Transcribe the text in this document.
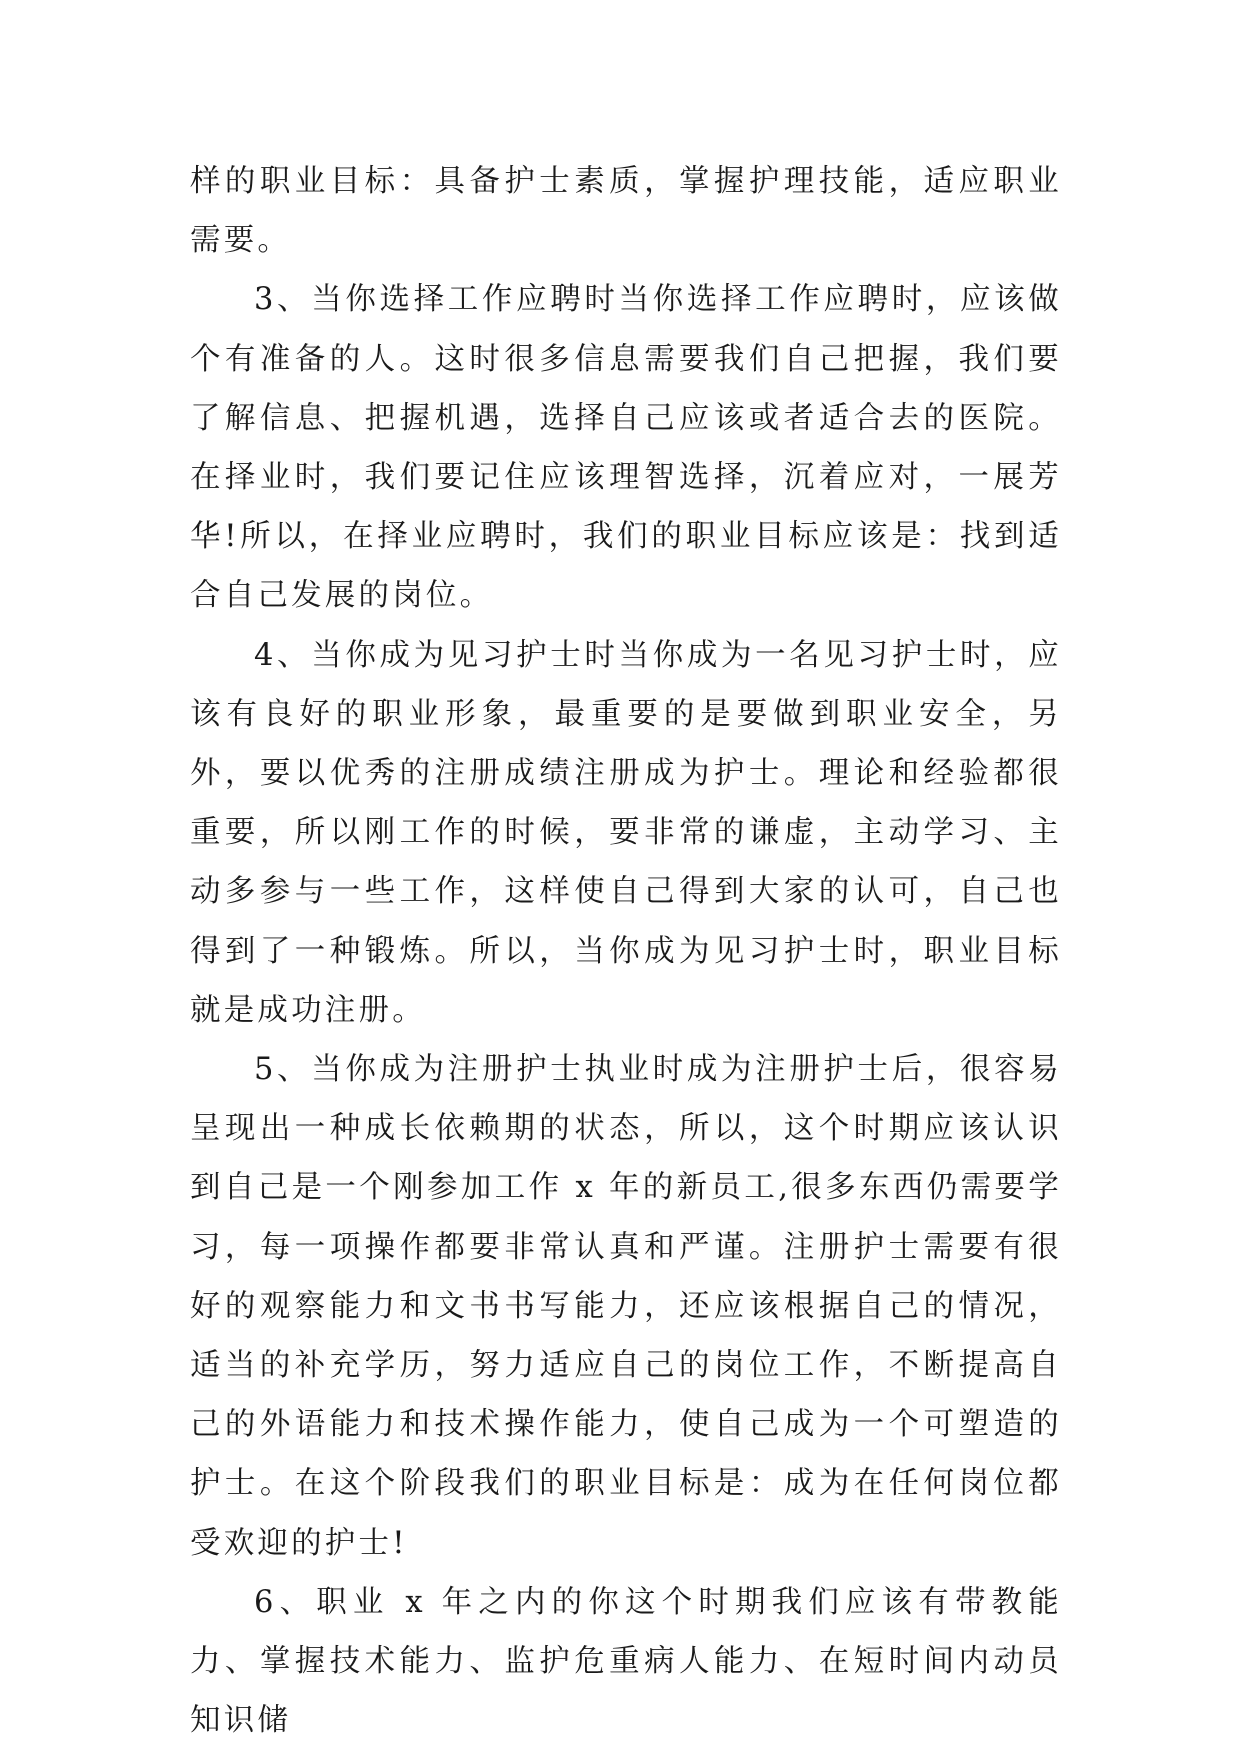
样的职业目标：具备护士素质，掌握护理技能，适应职业需要。

3、当你选择工作应聘时当你选择工作应聘时，应该做个有准备的人。这时很多信息需要我们自己把握，我们要了解信息、把握机遇，选择自己应该或者适合去的医院。在择业时，我们要记住应该理智选择，沉着应对，一展芳华!所以，在择业应聘时，我们的职业目标应该是：找到适合自己发展的岗位。

4、当你成为见习护士时当你成为一名见习护士时，应该有良好的职业形象，最重要的是要做到职业安全，另外，要以优秀的注册成绩注册成为护士。理论和经验都很重要，所以刚工作的时候，要非常的谦虚，主动学习、主动多参与一些工作，这样使自己得到大家的认可，自己也得到了一种锻炼。所以，当你成为见习护士时，职业目标就是成功注册。

5、当你成为注册护士执业时成为注册护士后，很容易呈现出一种成长依赖期的状态，所以，这个时期应该认识到自己是一个刚参加工作 x 年的新员工,很多东西仍需要学习，每一项操作都要非常认真和严谨。注册护士需要有很好的观察能力和文书书写能力，还应该根据自己的情况，适当的补充学历，努力适应自己的岗位工作，不断提高自己的外语能力和技术操作能力，使自己成为一个可塑造的护士。在这个阶段我们的职业目标是：成为在任何岗位都受欢迎的护士!

6、职业 x 年之内的你这个时期我们应该有带教能力、掌握技术能力、监护危重病人能力、在短时间内动员知识储
